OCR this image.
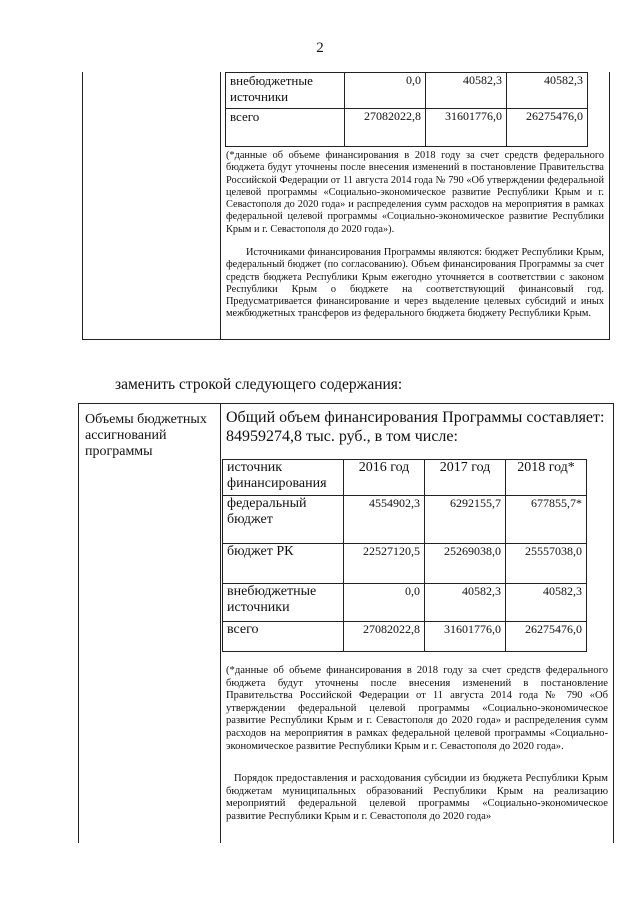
2
внебюджетные источники	0,0	40582,3	40582,3
всего	27082022,8	31601776,0	26275476,0
(*данные об объеме финансирования в 2018 году за счет средств федерального бюджета будут уточнены после внесения изменений в постановление Правительства Российской Федерации от 11 августа 2014 года № 790 «Об утверждении федеральной целевой программы «Социально-экономическое развитие Республики Крым и г. Севастополя до 2020 года» и распределения сумм расходов на мероприятия в рамках федеральной целевой программы «Социально-экономическое развитие Республики Крым и г. Севастополя до 2020 года»).
Источниками финансирования Программы являются: бюджет Республики Крым, федеральный бюджет (по согласованию). Объем финансирования Программы за счет средств бюджета Республики Крым ежегодно уточняется в соответствии с законом Республики Крым о бюджете на соответствующий финансовый год. Предусматривается финансирование и через выделение целевых субсидий и иных межбюджетных трансферов из федерального бюджета бюджету Республики Крым.
заменить строкой следующего содержания:
Объемы бюджетных ассигнований программы
Общий объем финансирования Программы составляет: 84959274,8 тыс. руб., в том числе:
источник финансирования	2016 год	2017 год	2018 год*
федеральный бюджет	4554902,3	6292155,7	677855,7*
бюджет РК	22527120,5	25269038,0	25557038,0
внебюджетные источники	0,0	40582,3	40582,3
всего	27082022,8	31601776,0	26275476,0
(*данные об объеме финансирования в 2018 году за счет средств федерального бюджета будут уточнены после внесения изменений в постановление Правительства Российской Федерации от 11 августа 2014 года № 790 «Об утверждении федеральной целевой программы «Социально-экономическое развитие Республики Крым и г. Севастополя до 2020 года» и распределения сумм расходов на мероприятия в рамках федеральной целевой программы «Социально-экономическое развитие Республики Крым и г. Севастополя до 2020 года».
Порядок предоставления и расходования субсидии из бюджета Республики Крым бюджетам муниципальных образований Республики Крым на реализацию мероприятий федеральной целевой программы «Социально-экономическое развитие Республики Крым и г. Севастополя до 2020 года»
